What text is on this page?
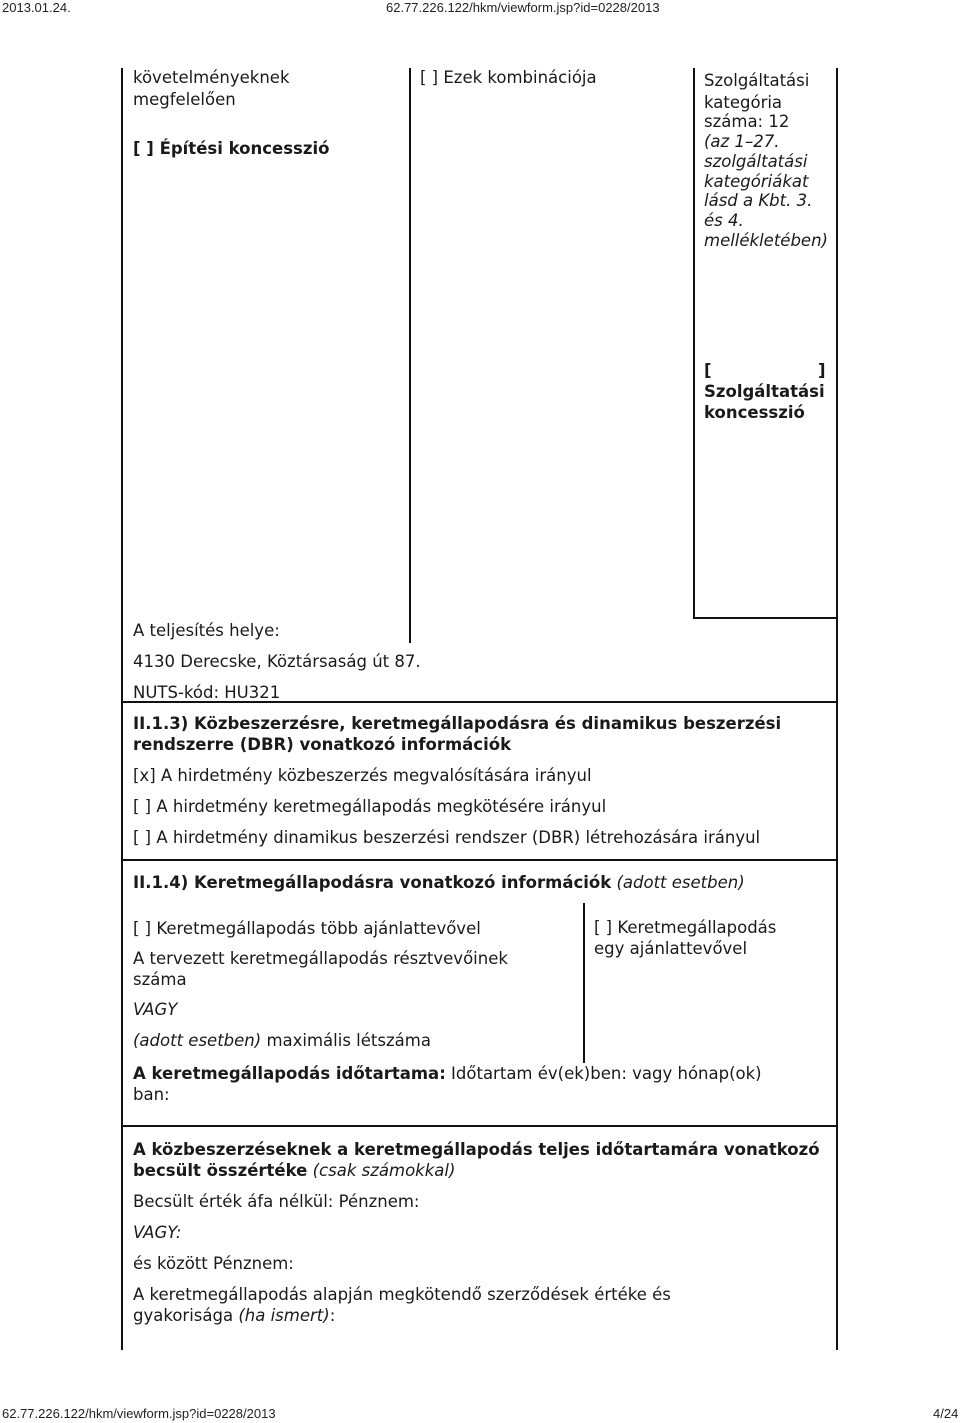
2013.01.24.	62.77.226.122/hkm/viewform.jsp?id=0228/2013
62.77.226.122/hkm/viewform.jsp?id=0228/2013	4/24
követelményeknek
megfelelően
[ ] Építési koncesszió
[ ] Ezek kombinációja	Szolgáltatási
kategória
száma: 12
(az 1–27.
szolgáltatási
kategóriákat
lásd a Kbt. 3.
és 4.
mellékletében)
[	]
Szolgáltatási
koncesszió
A teljesítés helye:
4130 Derecske, Köztársaság út 87.
NUTS-kód: HU321
II.1.3) Közbeszerzésre, keretmegállapodásra és dinamikus beszerzési
rendszerre (DBR) vonatkozó információk
[x] A hirdetmény közbeszerzés megvalósítására irányul
[ ] A hirdetmény keretmegállapodás megkötésére irányul
[ ] A hirdetmény dinamikus beszerzési rendszer (DBR) létrehozására irányul
II.1.4) Keretmegállapodásra vonatkozó információk (adott esetben)
[ ] Keretmegállapodás több ajánlattevővel
A tervezett keretmegállapodás résztvevőinek
száma
VAGY
(adott esetben) maximális létszáma
[ ] Keretmegállapodás
egy ajánlattevővel
A keretmegállapodás időtartama: Időtartam év(ek)ben: vagy hónap(ok)
ban:
A közbeszerzéseknek a keretmegállapodás teljes időtartamára vonatkozó
becsült összértéke (csak számokkal)
Becsült érték áfa nélkül: Pénznem:
VAGY:
és között Pénznem:
A keretmegállapodás alapján megkötendő szerződések értéke és
gyakorisága (ha ismert):
